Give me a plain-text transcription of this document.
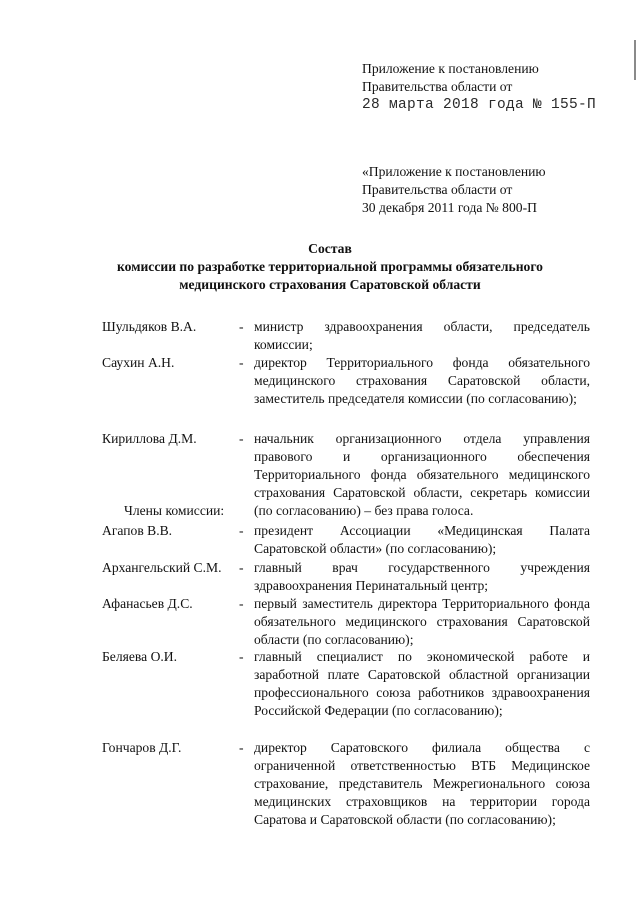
Приложение к постановлению
Правительства области от
28 марта 2018 года № 155-П
«Приложение к постановлению
Правительства области от
30 декабря 2011 года № 800-П
Состав
комиссии по разработке территориальной программы обязательного
медицинского страхования Саратовской области
Шульдяков В.А.	- министр здравоохранения области, председатель комиссии;
Саухин А.Н.	- директор Территориального фонда обязательного медицинского страхования Саратовской области, заместитель председателя комиссии (по согласованию);
Кириллова Д.М.	- начальник организационного отдела управления правового и организационного обеспечения Территориального фонда обязательного медицинского страхования Саратовской области, секретарь комиссии (по согласованию) – без права голоса.
Члены комиссии:
Агапов В.В.	- президент Ассоциации «Медицинская Палата Саратовской области» (по согласованию);
Архангельский С.М. - главный врач государственного учреждения здравоохранения Перинатальный центр;
Афанасьев Д.С.	- первый заместитель директора Территориального фонда обязательного медицинского страхования Саратовской области (по согласованию);
Беляева О.И.	- главный специалист по экономической работе и заработной плате Саратовской областной организации профессионального союза работников здравоохранения Российской Федерации (по согласованию);
Гончаров Д.Г.	- директор Саратовского филиала общества с ограниченной ответственностью ВТБ Медицинское страхование, представитель Межрегионального союза медицинских страховщиков на территории города Саратова и Саратовской области (по согласованию);
